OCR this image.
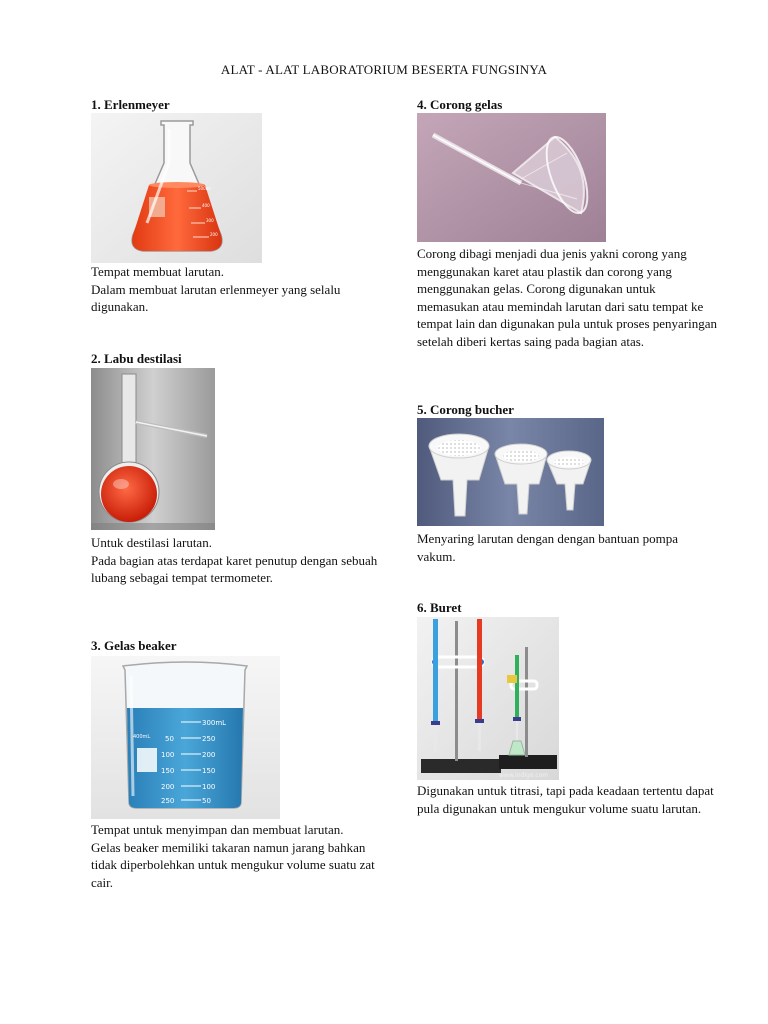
ALAT - ALAT LABORATORIUM BESERTA FUNGSINYA
1. Erlenmeyer
500ml
400
300
200

Tempat membuat larutan.

Dalam membuat larutan erlenmeyer yang selalu digunakan.

2. Labu destilasi

Untuk destilasi larutan.

Pada bagian atas terdapat karet penutup dengan sebuah lubang sebagai tempat termometer.

3. Gelas beaker
400mL
300mL
250
200
150
100
50
50
100
150
200
250

Tempat untuk menyimpan dan membuat larutan.

Gelas beaker memiliki takaran namun jarang bahkan tidak diperbolehkan untuk mengukur volume suatu zat cair.

4. Corong gelas

Corong dibagi menjadi dua jenis yakni corong yang menggunakan karet atau plastik dan corong yang menggunakan gelas. Corong digunakan untuk memasukan atau memindah larutan dari satu tempat ke tempat lain dan digunakan pula untuk proses penyaringan setelah diberi kertas saing pada bagian atas.

5. Corong bucher

Menyaring larutan dengan dengan bantuan pompa vakum.

6. Buret
www.indigo.com

Digunakan untuk titrasi, tapi pada keadaan tertentu dapat pula digunakan untuk mengukur volume suatu larutan.
